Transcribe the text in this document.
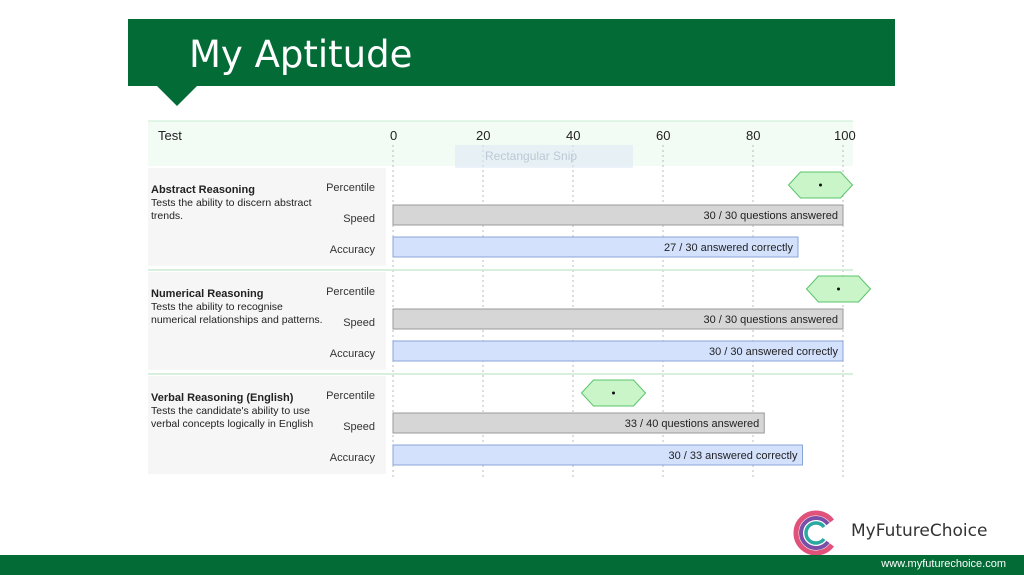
My Aptitude
30 / 30 questions answered
27 / 30 answered correctly
30 / 30 questions answered
30 / 30 answered correctly
33 / 40 questions answered
30 / 33 answered correctly
Test	0	20	40	60	80	100
Abstract Reasoning
Tests the ability to discern abstract trends.
Percentile
Speed
Accuracy
Numerical Reasoning
Tests the ability to recognise numerical relationships and patterns.
Percentile
Speed
Accuracy
Verbal Reasoning (English)
Tests the candidate's ability to use verbal concepts logically in English
Percentile
Speed
Accuracy
Rectangular Snip
MyFutureChoice
www.myfuturechoice.com
